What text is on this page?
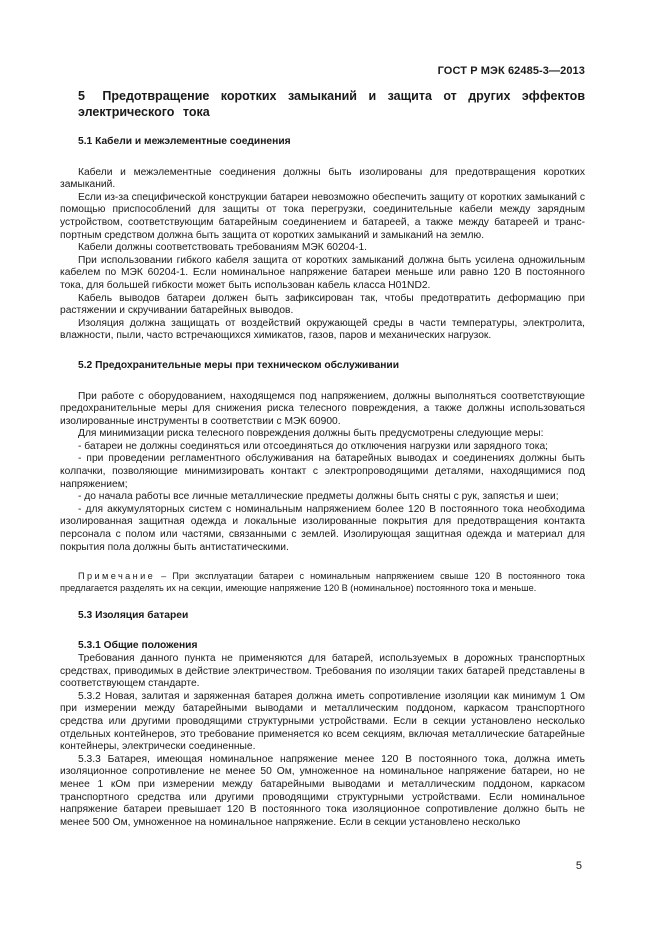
ГОСТ Р МЭК 62485-3—2013
5 Предотвращение коротких замыканий и защита от других эффектов электрического тока
5.1 Кабели и межэлементные соединения

Кабели и межэлементные соединения должны быть изолированы для предотвращения коротких замыканий.

Если из-за специфической конструкции батареи невозможно обеспечить защиту от коротких замыканий с помощью приспособлений для защиты от тока перегрузки, соединительные кабели между зарядным устройством, соответствующим батарейным соединением и батареей, а также между батареей и транс-портным средством должна быть защита от коротких замыканий и замыканий на землю.

Кабели должны соответствовать требованиям МЭК 60204-1.

При использовании гибкого кабеля защита от коротких замыканий должна быть усилена одножильным кабелем по МЭК 60204-1. Если номинальное напряжение батареи меньше или равно 120 В постоянного тока, для большей гибкости может быть использован кабель класса H01ND2.

Кабель выводов батареи должен быть зафиксирован так, чтобы предотвратить деформацию при растяжении и скручивании батарейных выводов.

Изоляция должна защищать от воздействий окружающей среды в части температуры, электролита, влажности, пыли, часто встречающихся химикатов, газов, паров и механических нагрузок.

5.2 Предохранительные меры при техническом обслуживании

При работе с оборудованием, находящемся под напряжением, должны выполняться соответствующие предохранительные меры для снижения риска телесного повреждения, а также должны использоваться изолированные инструменты в соответствии с МЭК 60900.

Для минимизации риска телесного повреждения должны быть предусмотрены следующие меры:

- батареи не должны соединяться или отсоединяться до отключения нагрузки или зарядного тока;

- при проведении регламентного обслуживания на батарейных выводах и соединениях должны быть колпачки, позволяющие минимизировать контакт с электропроводящими деталями, находящимися под напряжением;

- до начала работы все личные металлические предметы должны быть сняты с рук, запястья и шеи;

- для аккумуляторных систем с номинальным напряжением более 120 В постоянного тока необходима изолированная защитная одежда и локальные изолированные покрытия для предотвращения контакта персонала с полом или частями, связанными с землей. Изолирующая защитная одежда и материал для покрытия пола должны быть антистатическими.

Примечание – При эксплуатации батареи с номинальным напряжением свыше 120 В постоянного тока предлагается разделять их на секции, имеющие напряжение 120 В (номинальное) постоянного тока и меньше.

5.3 Изоляция батареи
5.3.1 Общие положения

Требования данного пункта не применяются для батарей, используемых в дорожных транспортных средствах, приводимых в действие электричеством. Требования по изоляции таких батарей представлены в соответствующем стандарте.

5.3.2 Новая, залитая и заряженная батарея должна иметь сопротивление изоляции как минимум 1 Ом при измерении между батарейными выводами и металлическим поддоном, каркасом транспортного средства или другими проводящими структурными устройствами. Если в секции установлено несколько отдельных контейнеров, это требование применяется ко всем секциям, включая металлические батарейные контейнеры, электрически соединенные.

5.3.3 Батарея, имеющая номинальное напряжение менее 120 В постоянного тока, должна иметь изоляционное сопротивление не менее 50 Ом, умноженное на номинальное напряжение батареи, но не менее 1 кОм при измерении между батарейными выводами и металлическим поддоном, каркасом транспортного средства или другими проводящими структурными устройствами. Если номинальное напряжение батареи превышает 120 В постоянного тока изоляционное сопротивление должно быть не менее 500 Ом, умноженное на номинальное напряжение. Если в секции установлено несколько

5
